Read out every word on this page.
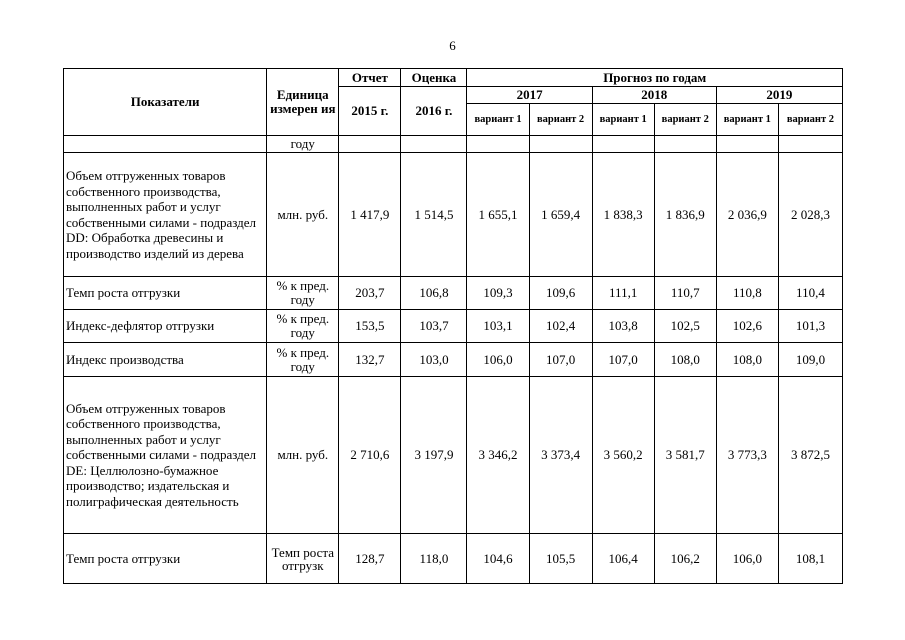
6
Показатели	Единица измерен ия	Отчет	Оценка	Прогноз по годам					
		2015 г.	2016 г.	2017		2018		2019	
				вариант 1	вариант 2	вариант 1	вариант 2	вариант 1	вариант 2
	году								
Объем отгруженных товаров собственного производства, выполненных работ и услуг собственными силами - подраздел DD: Обработка древесины и производство изделий из дерева	млн. руб.	1 417,9	1 514,5	1 655,1	1 659,4	1 838,3	1 836,9	2 036,9	2 028,3
Темп роста отгрузки	% к пред. году	203,7	106,8	109,3	109,6	111,1	110,7	110,8	110,4
Индекс-дефлятор отгрузки	% к пред. году	153,5	103,7	103,1	102,4	103,8	102,5	102,6	101,3
Индекс производства	% к пред. году	132,7	103,0	106,0	107,0	107,0	108,0	108,0	109,0
Объем отгруженных товаров собственного производства, выполненных работ и услуг собственными силами - подраздел DE: Целлюлозно-бумажное производство; издательская и полиграфическая деятельность	млн. руб.	2 710,6	3 197,9	3 346,2	3 373,4	3 560,2	3 581,7	3 773,3	3 872,5
Темп роста отгрузки	Темп роста отгрузк	128,7	118,0	104,6	105,5	106,4	106,2	106,0	108,1
